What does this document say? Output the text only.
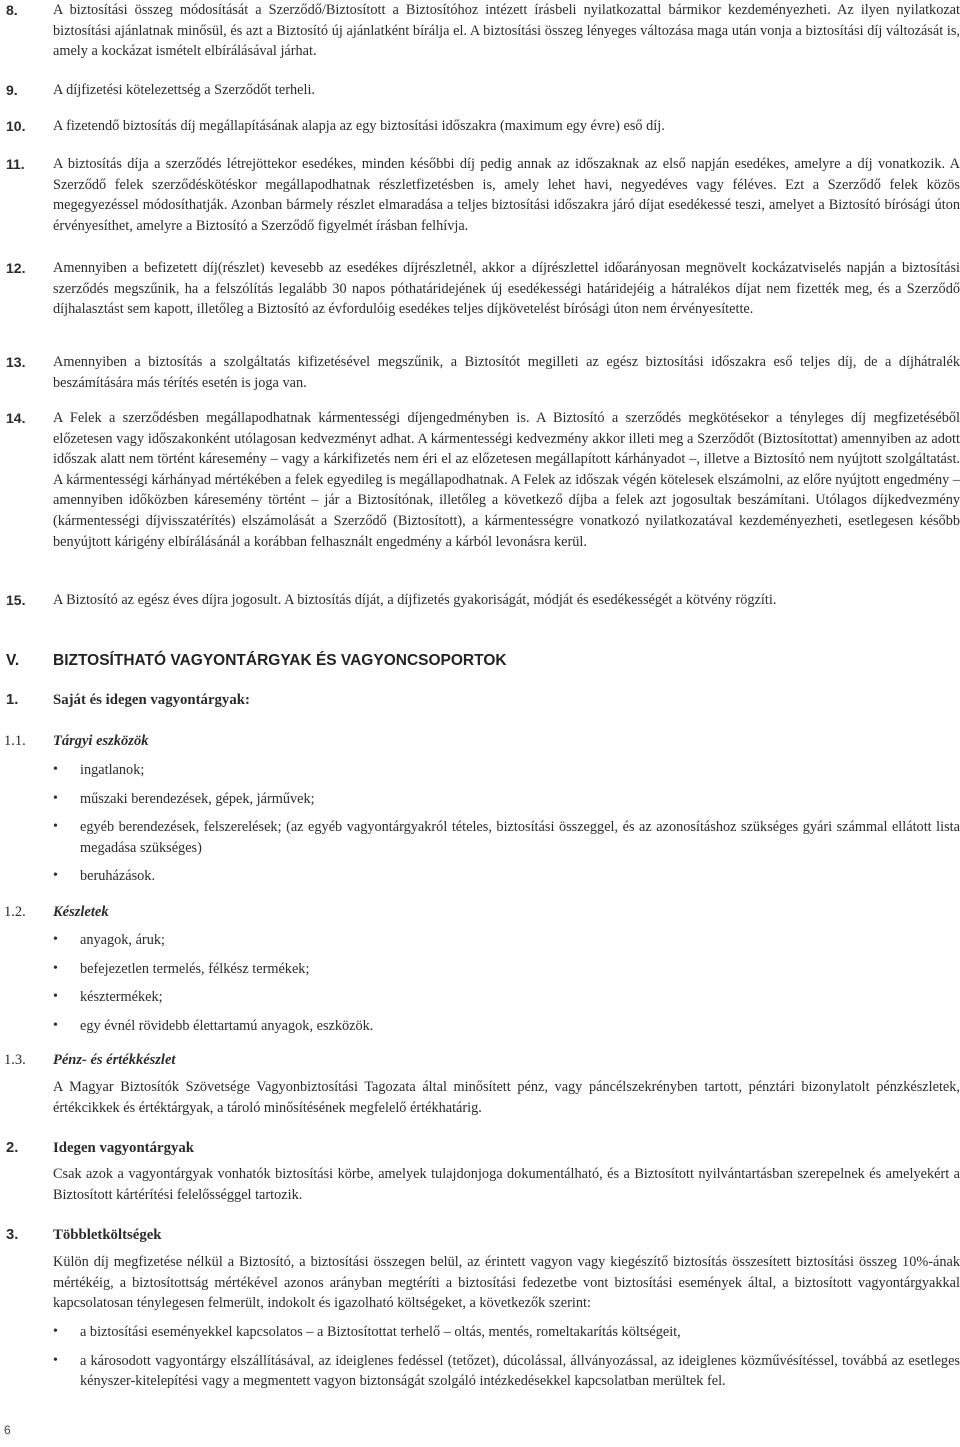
8.	A biztosítási összeg módosítását a Szerződő/Biztosított a Biztosítóhoz intézett írásbeli nyilatkozattal bármikor kezdeményezheti. Az ilyen nyilatkozat biztosítási ajánlatnak minősül, és azt a Biztosító új ajánlatként bírálja el. A biztosítási összeg lényeges változása maga után vonja a biztosítási díj változását is, amely a kockázat ismételt elbírálásával járhat.
9.	A díjfizetési kötelezettség a Szerződőt terheli.
10.	A fizetendő biztosítás díj megállapításának alapja az egy biztosítási időszakra (maximum egy évre) eső díj.
11.	A biztosítás díja a szerződés létrejöttekor esedékes, minden későbbi díj pedig annak az időszaknak az első napján esedékes, amelyre a díj vonatkozik. A Szerződő felek szerződéskötéskor megállapodhatnak részletfizetésben is, amely lehet havi, negyedéves vagy féléves. Ezt a Szerződő felek közös megegyezéssel módosíthatják. Azonban bármely részlet elmaradása a teljes biztosítási időszakra járó díjat esedékessé teszi, amelyet a Biztosító bírósági úton érvényesíthet, amelyre a Biztosító a Szerződő figyelmét írásban felhívja.
12.	Amennyiben a befizetett díj(részlet) kevesebb az esedékes díjrészletnél, akkor a díjrészlettel időarányosan megnövelt kockázatviselés napján a biztosítási szerződés megszűnik, ha a felszólítás legalább 30 napos póthatáridejének új esedékességi határidejéig a hátralékos díjat nem fizették meg, és a Szerződő díjhalasztást sem kapott, illetőleg a Biztosító az évfordulóig esedékes teljes díjkövetelést bírósági úton nem érvényesítette.
13.	Amennyiben a biztosítás a szolgáltatás kifizetésével megszűnik, a Biztosítót megilleti az egész biztosítási időszakra eső teljes díj, de a díjhátralék beszámítására más térítés esetén is joga van.
14.	A Felek a szerződésben megállapodhatnak kármentességi díjengedményben is. A Biztosító a szerződés megkötésekor a tényleges díj megfizetéséből előzetesen vagy időszakonként utólagosan kedvezményt adhat. A kármentességi kedvezmény akkor illeti meg a Szerződőt (Biztosítottat) amennyiben az adott időszak alatt nem történt káresemény – vagy a kárkifizetés nem éri el az előzetesen megállapított kárhányadot –, illetve a Biztosító nem nyújtott szolgáltatást. A kármentességi kárhányad mértékében a felek egyedileg is megállapodhatnak. A Felek az időszak végén kötelesek elszámolni, az előre nyújtott engedmény – amennyiben időközben káresemény történt – jár a Biztosítónak, illetőleg a következő díjba a felek azt jogosultak beszámítani. Utólagos díjkedvezmény (kármentességi díjvisszatérítés) elszámolását a Szerződő (Biztosított), a kármentességre vonatkozó nyilatkozatával kezdeményezheti, esetlegesen később benyújtott kárigény elbírálásánál a korábban felhasznált engedmény a kárból levonásra kerül.
15.	A Biztosító az egész éves díjra jogosult. A biztosítás díját, a díjfizetés gyakoriságát, módját és esedékességét a kötvény rögzíti.
V. BIZTOSÍTHATÓ VAGYONTÁRGYAK ÉS VAGYONCSOPORTOK
1. Saját és idegen vagyontárgyak:
1.1. Tárgyi eszközök
• ingatlanok;
• műszaki berendezések, gépek, járművek;
• egyéb berendezések, felszerelések; (az egyéb vagyontárgyakról tételes, biztosítási összeggel, és az azonosításhoz szükséges gyári számmal ellátott lista megadása szükséges)
• beruházások.
1.2. Készletek
• anyagok, áruk;
• befejezetlen termelés, félkész termékek;
• késztermékek;
• egy évnél rövidebb élettartamú anyagok, eszközök.
1.3. Pénz- és értékkészlet
A Magyar Biztosítók Szövetsége Vagyonbiztosítási Tagozata által minősített pénz, vagy páncélszekrényben tartott, pénztári bizonylatolt pénzkészletek, értékcikkek és értéktárgyak, a tároló minősítésének megfelelő értékhatárig.
2. Idegen vagyontárgyak
Csak azok a vagyontárgyak vonhatók biztosítási körbe, amelyek tulajdonjoga dokumentálható, és a Biztosított nyilvántartásban szerepelnek és amelyekért a Biztosított kártérítési felelősséggel tartozik.
3. Többletköltségek
Külön díj megfizetése nélkül a Biztosító, a biztosítási összegen belül, az érintett vagyon vagy kiegészítő biztosítás összesített biztosítási összeg 10%-ának mértékéig, a biztosítottság mértékével azonos arányban megtéríti a biztosítási fedezetbe vont biztosítási események által, a biztosított vagyontárgyakkal kapcsolatosan ténylegesen felmerült, indokolt és igazolható költségeket, a következők szerint:
• a biztosítási eseményekkel kapcsolatos – a Biztosítottat terhelő – oltás, mentés, romeltakarítás költségeit,
• a károsodott vagyontárgy elszállításával, az ideiglenes fedéssel (tetőzet), dúcolással, állványozással, az ideiglenes közművésítéssel, továbbá az esetleges kényszer-kitelepítési vagy a megmentett vagyon biztonságát szolgáló intézkedésekkel kapcsolatban merültek fel.
6
